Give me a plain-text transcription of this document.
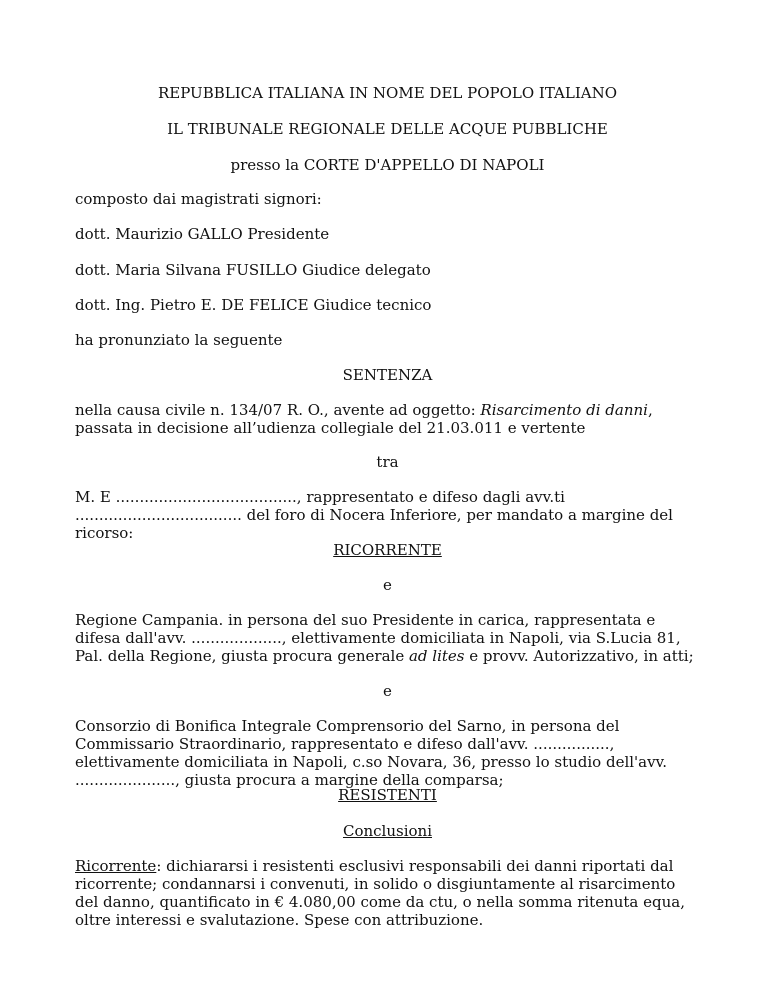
REPUBBLICA ITALIANA IN NOME DEL POPOLO ITALIANO
IL TRIBUNALE REGIONALE DELLE ACQUE PUBBLICHE
presso la CORTE D'APPELLO DI NAPOLI
composto dai magistrati signori:
dott. Maurizio GALLO Presidente
dott. Maria Silvana FUSILLO Giudice delegato
dott. Ing. Pietro E. DE FELICE Giudice tecnico
ha pronunziato la seguente
SENTENZA
nella causa civile n. 134/07 R. O., avente ad oggetto: Risarcimento di danni, passata in decisione all’udienza collegiale del 21.03.011 e vertente
tra
M. E ......................................, rappresentato e difeso dagli avv.ti ................................... del foro di Nocera Inferiore, per mandato a margine del ricorso:
RICORRENTE
e
Regione Campania. in persona del suo Presidente in carica, rappresentata e difesa dall'avv. ..................., elettivamente domiciliata in Napoli, via S.Lucia 81, Pal. della Regione, giusta procura generale ad lites e provv. Autorizzativo, in atti;
e
Consorzio di Bonifica Integrale Comprensorio del Sarno, in persona del Commissario Straordinario, rappresentato e difeso dall'avv. ................, elettivamente domiciliata in Napoli, c.so Novara, 36, presso lo studio dell'avv. ....................., giusta procura a margine della comparsa;
RESISTENTI
Conclusioni
Ricorrente: dichiararsi i resistenti esclusivi responsabili dei danni riportati dal ricorrente; condannarsi i convenuti, in solido o disgiuntamente al risarcimento del danno, quantificato in € 4.080,00 come da ctu, o nella somma ritenuta equa, oltre interessi e svalutazione. Spese con attribuzione.
